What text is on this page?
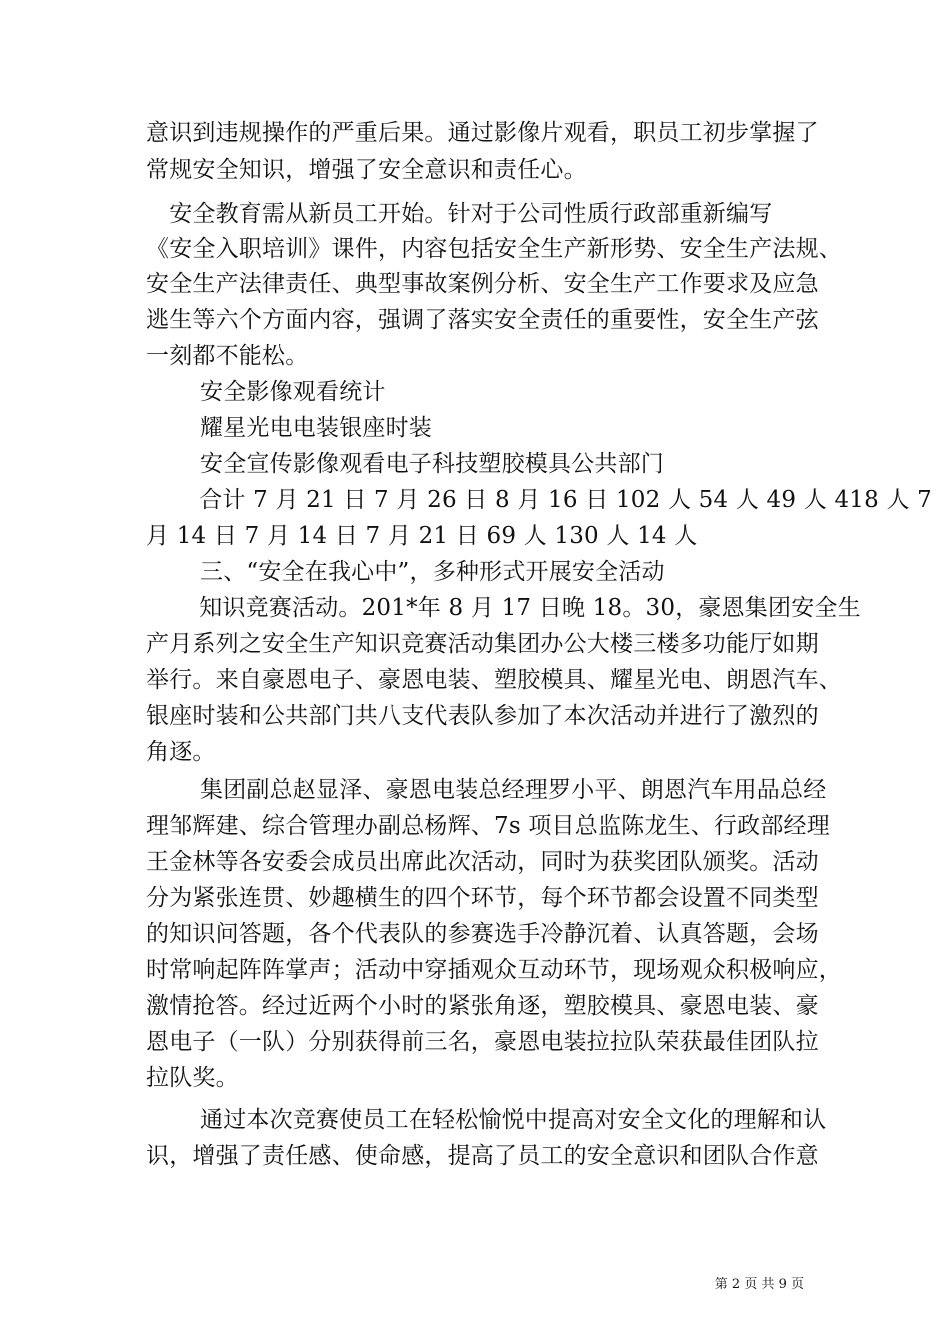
意识到违规操作的严重后果。通过影像片观看，职员工初步掌握了
常规安全知识，增强了安全意识和责任心。
　安全教育需从新员工开始。针对于公司性质行政部重新编写
《安全入职培训》课件，内容包括安全生产新形势、安全生产法规、
安全生产法律责任、典型事故案例分析、安全生产工作要求及应急
逃生等六个方面内容，强调了落实安全责任的重要性，安全生产弦
一刻都不能松。
安全影像观看统计
耀星光电电装银座时装
安全宣传影像观看电子科技塑胶模具公共部门
　合计 7 月 21 日 7 月 26 日 8 月 16 日 102 人 54 人 49 人 418 人 7
月 14 日 7 月 14 日 7 月 21 日 69 人 130 人 14 人
三、“安全在我心中”，多种形式开展安全活动
　知识竞赛活动。201*年 8 月 17 日晚 18。30，豪恩集团安全生
产月系列之安全生产知识竞赛活动集团办公大楼三楼多功能厅如期
举行。来自豪恩电子、豪恩电装、塑胶模具、耀星光电、朗恩汽车、
银座时装和公共部门共八支代表队参加了本次活动并进行了激烈的
角逐。
集团副总赵显泽、豪恩电装总经理罗小平、朗恩汽车用品总经
理邹辉建、综合管理办副总杨辉、7s 项目总监陈龙生、行政部经理
王金林等各安委会成员出席此次活动，同时为获奖团队颁奖。活动
分为紧张连贯、妙趣横生的四个环节，每个环节都会设置不同类型
的知识问答题，各个代表队的参赛选手冷静沉着、认真答题，会场
时常响起阵阵掌声；活动中穿插观众互动环节，现场观众积极响应，
激情抢答。经过近两个小时的紧张角逐，塑胶模具、豪恩电装、豪
恩电子（一队）分别获得前三名，豪恩电装拉拉队荣获最佳团队拉
拉队奖。
通过本次竞赛使员工在轻松愉悦中提高对安全文化的理解和认
识，增强了责任感、使命感，提高了员工的安全意识和团队合作意
第 2 页 共 9 页
